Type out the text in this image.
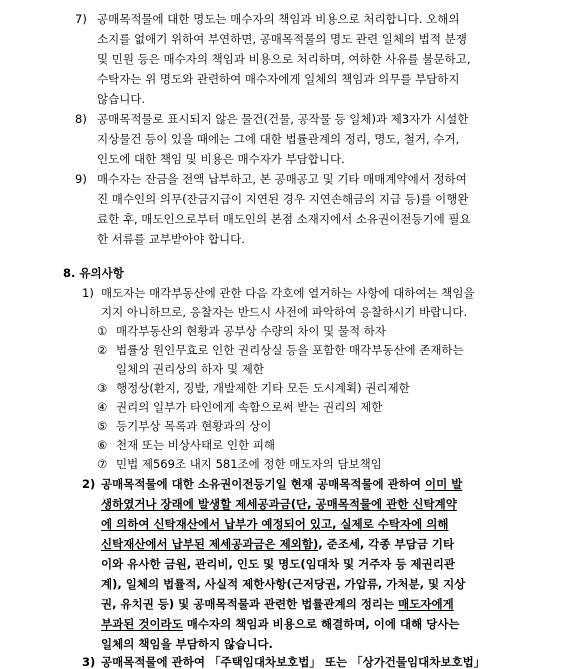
7) 공매목적물에 대한 명도는 매수자의 책임과 비용으로 처리합니다. 오해의
소지를 없애기 위하여 부연하면, 공매목적물의 명도 관련 일체의 법적 분쟁
및 민원 등은 매수자의 책임과 비용으로 처리하며, 여하한 사유를 불문하고,
수탁자는 위 명도와 관련하여 매수자에게 일체의 책임과 의무를 부담하지
않습니다.
8) 공매목적물로 표시되지 않은 물건(건물, 공작물 등 일체)과 제3자가 시설한
지상물건 등이 있을 때에는 그에 대한 법률관계의 정리, 명도, 철거, 수거,
인도에 대한 책임 및 비용은 매수자가 부담합니다.
9) 매수자는 잔금을 전액 납부하고, 본 공매공고 및 기타 매매계약에서 정하여
진 매수인의 의무(잔금지급이 지연된 경우 지연손해금의 지급 등)를 이행완
료한 후, 매도인으로부터 매도인의 본점 소재지에서 소유권이전등기에 필요
한 서류를 교부받아야 합니다.
8. 유의사항
1) 매도자는 매각부동산에 관한 다음 각호에 열거하는 사항에 대하여는 책임을
지지 아니하므로, 응찰자는 반드시 사전에 파악하여 응찰하시기 바랍니다.
① 매각부동산의 현황과 공부상 수량의 차이 및 물적 하자
② 법률상 원인무효로 인한 권리상실 등을 포함한 매각부동산에 존재하는
일체의 권리상의 하자 및 제한
③ 행정상(환지, 징발, 개발제한 기타 모든 도시계획) 권리제한
④ 권리의 일부가 타인에게 속함으로써 받는 권리의 제한
⑤ 등기부상 목록과 현황과의 상이
⑥ 천재 또는 비상사태로 인한 피해
⑦ 민법 제569조 내지 581조에 정한 매도자의 담보책임
2) 공매목적물에 대한 소유권이전등기일 현재 공매목적물에 관하여 이미 발
생하였거나 장래에 발생할 제세공과금(단, 공매목적물에 관한 신탁계약
에 의하여 신탁재산에서 납부가 예정되어 있고, 실제로 수탁자에 의해
신탁재산에서 납부된 제세공과금은 제외함), 준조세, 각종 부담금 기타
이와 유사한 금원, 관리비, 인도 및 명도(임대차 및 거주자 등 제권리관
계), 일체의 법률적, 사실적 제한사항(근저당권, 가압류, 가처분, 및 지상
권, 유치권 등) 및 공매목적물과 관련한 법률관계의 정리는 매도자에게
부과된 것이라도 매수자의 책임과 비용으로 해결하며, 이에 대해 당사는
일체의 책임을 부담하지 않습니다.
3) 공매목적물에 관하여 「주택임대차보호법」 또는 「상가건물임대차보호법」
